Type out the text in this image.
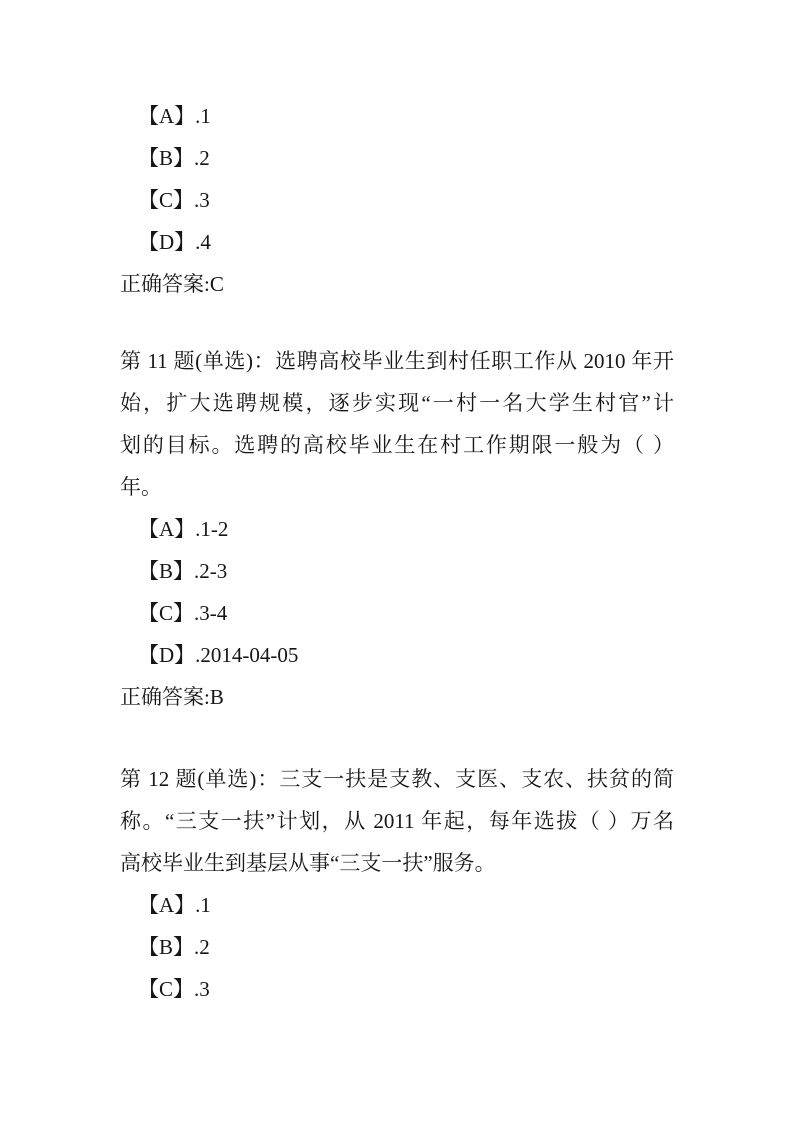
【A】.1
【B】.2
【C】.3
【D】.4
正确答案:C
第 11 题(单选)：选聘高校毕业生到村任职工作从 2010 年开
始，扩大选聘规模，逐步实现“一村一名大学生村官”计
划的目标。选聘的高校毕业生在村工作期限一般为（ ）
年。
【A】.1-2
【B】.2-3
【C】.3-4
【D】.2014-04-05
正确答案:B
第 12 题(单选)：三支一扶是支教、支医、支农、扶贫的简
称。“三支一扶”计划，从 2011 年起，每年选拔（ ）万名
高校毕业生到基层从事“三支一扶”服务。
【A】.1
【B】.2
【C】.3
